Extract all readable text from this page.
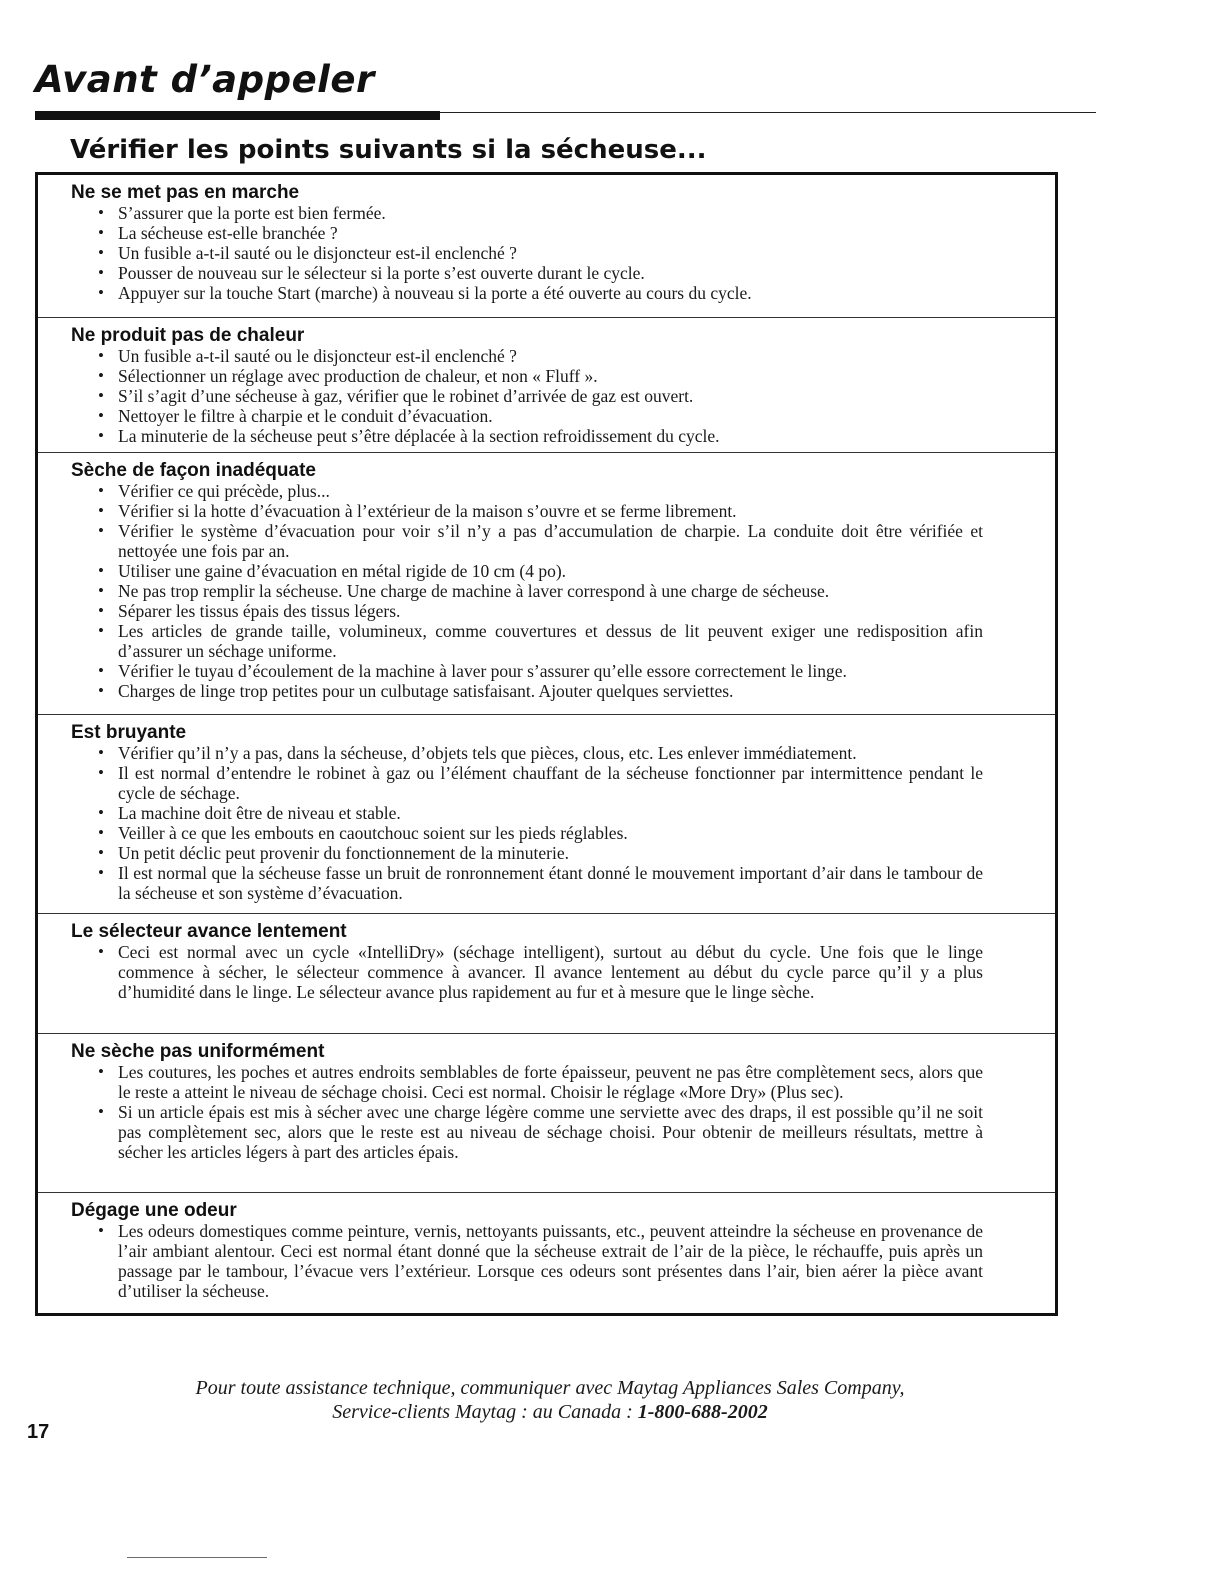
Avant d’appeler
Vérifier les points suivants si la sécheuse...
Ne se met pas en marche
• S’assurer que la porte est bien fermée.
• La sécheuse est-elle branchée ?
• Un fusible a-t-il sauté ou le disjoncteur est-il enclenché ?
• Pousser de nouveau sur le sélecteur si la porte s’est ouverte durant le cycle.
• Appuyer sur la touche Start (marche) à nouveau si la porte a été ouverte au cours du cycle.
Ne produit pas de chaleur
• Un fusible a-t-il sauté ou le disjoncteur est-il enclenché ?
• Sélectionner un réglage avec production de chaleur, et non « Fluff ».
• S’il s’agit d’une sécheuse à gaz, vérifier que le robinet d’arrivée de gaz est ouvert.
• Nettoyer le filtre à charpie et le conduit d’évacuation.
• La minuterie de la sécheuse peut s’être déplacée à la section refroidissement du cycle.
Sèche de façon inadéquate
• Vérifier ce qui précède, plus...
• Vérifier si la hotte d’évacuation à l’extérieur de la maison s’ouvre et se ferme librement.
• Vérifier le système d’évacuation pour voir s’il n’y a pas d’accumulation de charpie. La conduite doit être vérifiée et nettoyée une fois par an.
• Utiliser une gaine d’évacuation en métal rigide de 10 cm (4 po).
• Ne pas trop remplir la sécheuse. Une charge de machine à laver correspond à une charge de sécheuse.
• Séparer les tissus épais des tissus légers.
• Les articles de grande taille, volumineux, comme couvertures et dessus de lit peuvent exiger une redisposition afin d’assurer un séchage uniforme.
• Vérifier le tuyau d’écoulement de la machine à laver pour s’assurer qu’elle essore correctement le linge.
• Charges de linge trop petites pour un culbutage satisfaisant. Ajouter quelques serviettes.
Est bruyante
• Vérifier qu’il n’y a pas, dans la sécheuse, d’objets tels que pièces, clous, etc. Les enlever immédiatement.
• Il est normal d’entendre le robinet à gaz ou l’élément chauffant de la sécheuse fonctionner par intermittence pendant le cycle de séchage.
• La machine doit être de niveau et stable.
• Veiller à ce que les embouts en caoutchouc soient sur les pieds réglables.
• Un petit déclic peut provenir du fonctionnement de la minuterie.
• Il est normal que la sécheuse fasse un bruit de ronronnement étant donné le mouvement important d’air dans le tambour de la sécheuse et son système d’évacuation.
Le sélecteur avance lentement
• Ceci est normal avec un cycle «IntelliDry» (séchage intelligent), surtout au début du cycle. Une fois que le linge commence à sécher, le sélecteur commence à avancer. Il avance lentement au début du cycle parce qu’il y a plus d’humidité dans le linge. Le sélecteur avance plus rapidement au fur et à mesure que le linge sèche.
Ne sèche pas uniformément
• Les coutures, les poches et autres endroits semblables de forte épaisseur, peuvent ne pas être complètement secs, alors que le reste a atteint le niveau de séchage choisi. Ceci est normal. Choisir le réglage «More Dry» (Plus sec).
• Si un article épais est mis à sécher avec une charge légère comme une serviette avec des draps, il est possible qu’il ne soit pas complètement sec, alors que le reste est au niveau de séchage choisi. Pour obtenir de meilleurs résultats, mettre à sécher les articles légers à part des articles épais.
Dégage une odeur
• Les odeurs domestiques comme peinture, vernis, nettoyants puissants, etc., peuvent atteindre la sécheuse en provenance de l’air ambiant alentour. Ceci est normal étant donné que la sécheuse extrait de l’air de la pièce, le réchauffe, puis après un passage par le tambour, l’évacue vers l’extérieur. Lorsque ces odeurs sont présentes dans l’air, bien aérer la pièce avant d’utiliser la sécheuse.

Pour toute assistance technique, communiquer avec Maytag Appliances Sales Company,
Service-clients Maytag : au Canada : 1-800-688-2002

17
